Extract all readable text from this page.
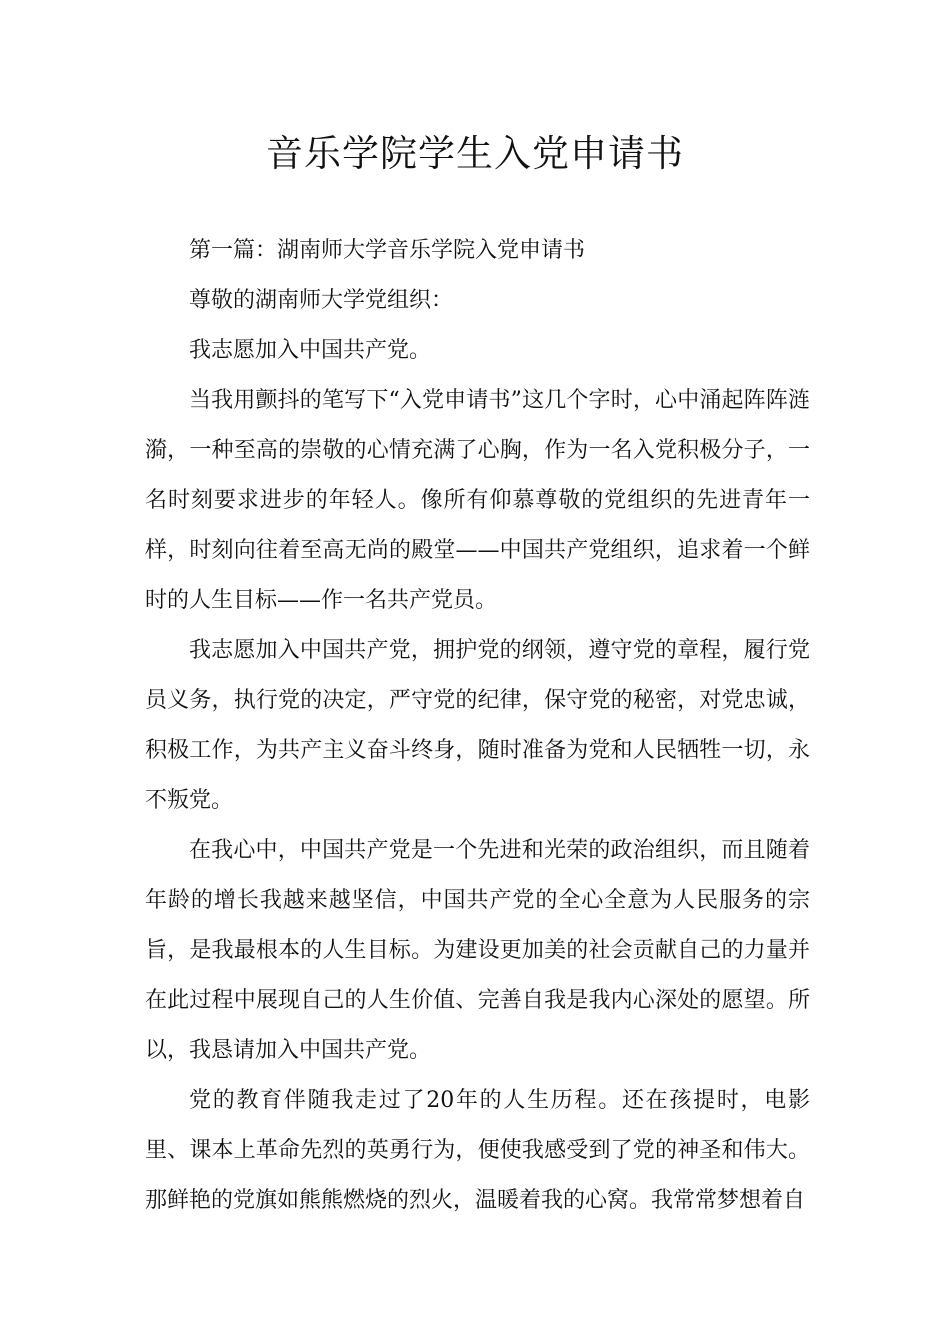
音乐学院学生入党申请书

第一篇：湖南师大学音乐学院入党申请书

尊敬的湖南师大学党组织：

我志愿加入中国共产党。

当我用颤抖的笔写下“入党申请书”这几个字时，心中涌起阵阵涟漪，一种至高的崇敬的心情充满了心胸，作为一名入党积极分子，一名时刻要求进步的年轻人。像所有仰慕尊敬的党组织的先进青年一样，时刻向往着至高无尚的殿堂——中国共产党组织，追求着一个鲜时的人生目标——作一名共产党员。

我志愿加入中国共产党，拥护党的纲领，遵守党的章程，履行党员义务，执行党的决定，严守党的纪律，保守党的秘密，对党忠诚，积极工作，为共产主义奋斗终身，随时准备为党和人民牺牲一切，永不叛党。

在我心中，中国共产党是一个先进和光荣的政治组织，而且随着年龄的增长我越来越坚信，中国共产党的全心全意为人民服务的宗旨，是我最根本的人生目标。为建设更加美的社会贡献自己的力量并在此过程中展现自己的人生价值、完善自我是我内心深处的愿望。所以，我恳请加入中国共产党。

党的教育伴随我走过了20年的人生历程。还在孩提时，电影里、课本上革命先烈的英勇行为，便使我感受到了党的神圣和伟大。那鲜艳的党旗如熊熊燃烧的烈火，温暖着我的心窝。我常常梦想着自
